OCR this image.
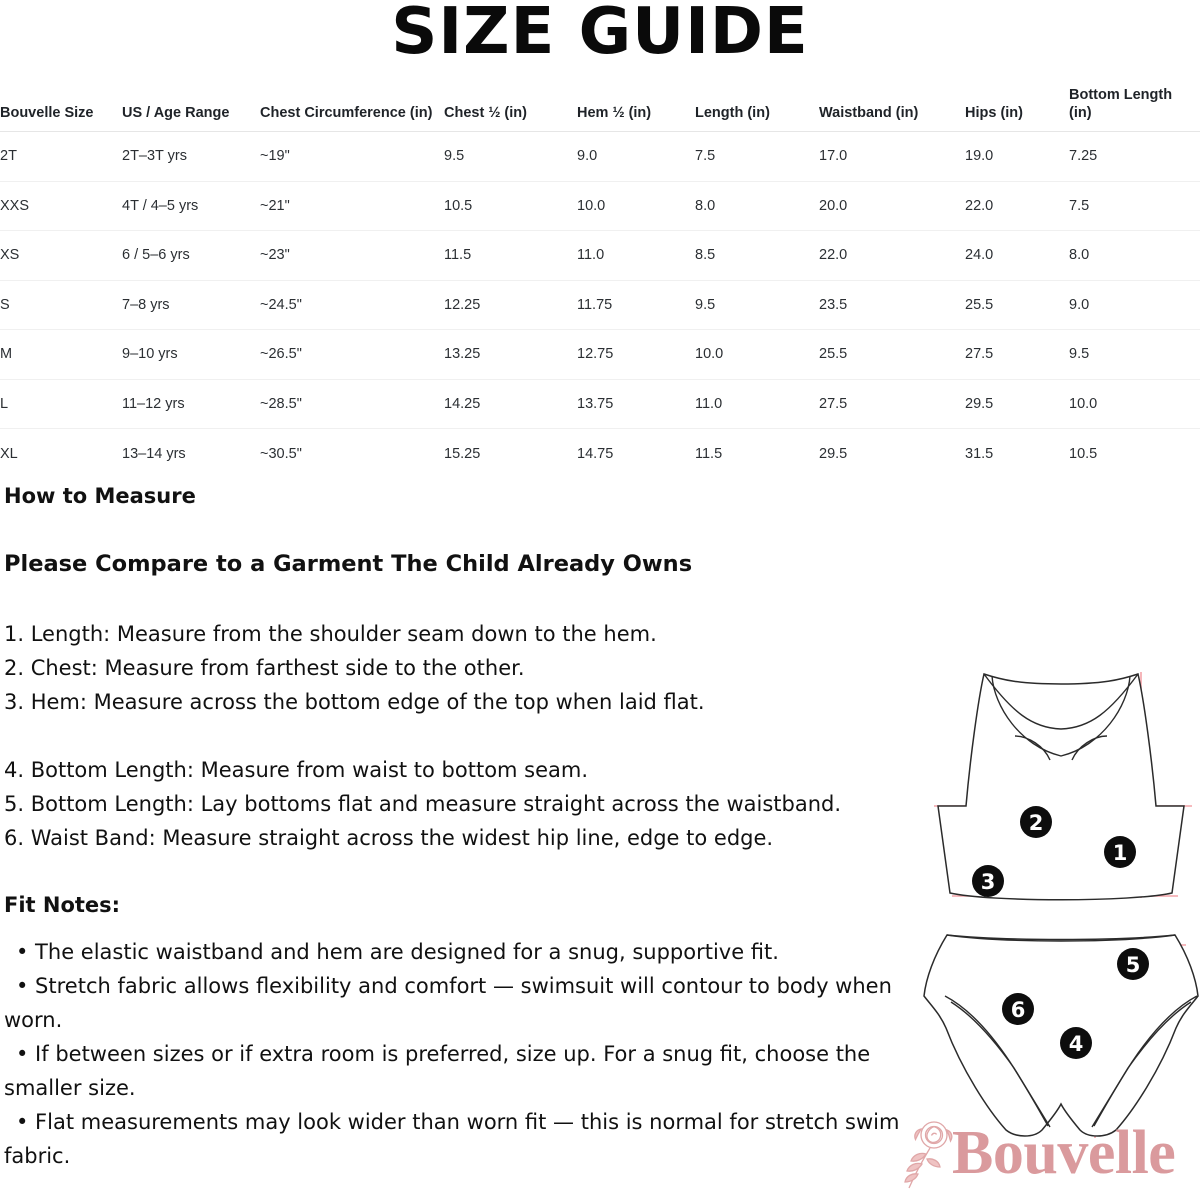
SIZE GUIDE
Bouvelle Size	US / Age Range	Chest Circumference (in)	Chest ½ (in)	Hem ½ (in)	Length (in)	Waistband (in)	Hips (in)	Bottom Length (in)
2T	2T–3T yrs	~19"	9.5	9.0	7.5	17.0	19.0	7.25
XXS	4T / 4–5 yrs	~21"	10.5	10.0	8.0	20.0	22.0	7.5
XS	6 / 5–6 yrs	~23"	11.5	11.0	8.5	22.0	24.0	8.0
S	7–8 yrs	~24.5"	12.25	11.75	9.5	23.5	25.5	9.0
M	9–10 yrs	~26.5"	13.25	12.75	10.0	25.5	27.5	9.5
L	11–12 yrs	~28.5"	14.25	13.75	11.0	27.5	29.5	10.0
XL	13–14 yrs	~30.5"	15.25	14.75	11.5	29.5	31.5	10.5
How to Measure
Please Compare to a Garment The Child Already Owns
1. Length: Measure from the shoulder seam down to the hem.
2. Chest: Measure from farthest side to the other.
3. Hem: Measure across the bottom edge of the top when laid flat.
4. Bottom Length: Measure from waist to bottom seam.
5. Bottom Length: Lay bottoms flat and measure straight across the waistband.
6. Waist Band: Measure straight across the widest hip line, edge to edge.
Fit Notes:

• The elastic waistband and hem are designed for a snug, supportive fit.

• Stretch fabric allows flexibility and comfort — swimsuit will contour to body when worn.

• If between sizes or if extra room is preferred, size up. For a snug fit, choose the smaller size.

• Flat measurements may look wider than worn fit — this is normal for stretch swim fabric.

1
2
3
5
6
4
Bouvelle
